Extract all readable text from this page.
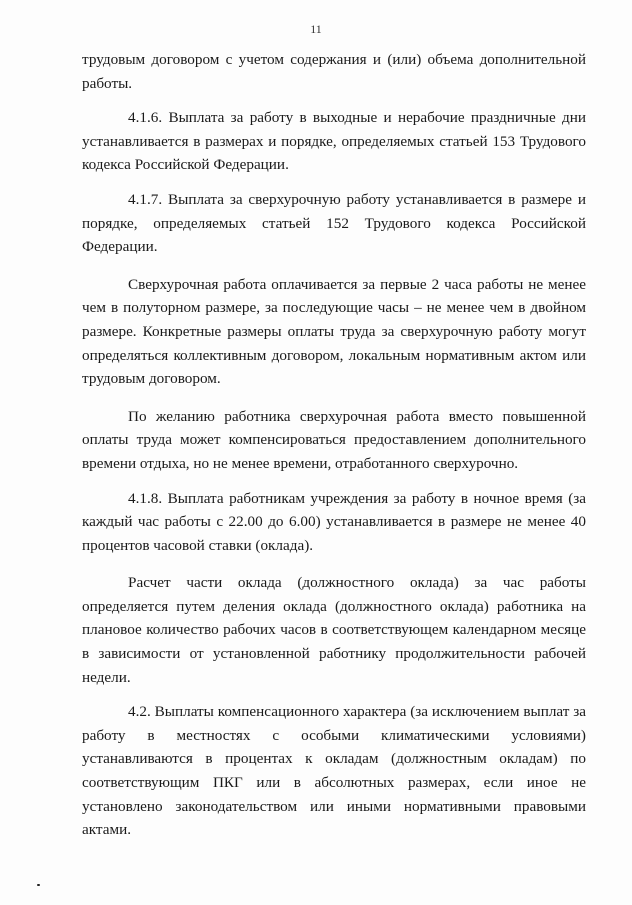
11

трудовым договором с учетом содержания и (или) объема дополнительной работы.

4.1.6. Выплата за работу в выходные и нерабочие праздничные дни устанавливается в размерах и порядке, определяемых статьей 153 Трудового кодекса Российской Федерации.

4.1.7. Выплата за сверхурочную работу устанавливается в размере и порядке, определяемых статьей 152 Трудового кодекса Российской Федерации.

Сверхурочная работа оплачивается за первые 2 часа работы не менее чем в полуторном размере, за последующие часы – не менее чем в двойном размере. Конкретные размеры оплаты труда за сверхурочную работу могут определяться коллективным договором, локальным нормативным актом или трудовым договором.

По желанию работника сверхурочная работа вместо повышенной оплаты труда может компенсироваться предоставлением дополнительного времени отдыха, но не менее времени, отработанного сверхурочно.

4.1.8. Выплата работникам учреждения за работу в ночное время (за каждый час работы с 22.00 до 6.00) устанавливается в размере не менее 40 процентов часовой ставки (оклада).

Расчет части оклада (должностного оклада) за час работы определяется путем деления оклада (должностного оклада) работника на плановое количество рабочих часов в соответствующем календарном месяце в зависимости от установленной работнику продолжительности рабочей недели.

4.2. Выплаты компенсационного характера (за исключением выплат за работу в местностях с особыми климатическими условиями) устанавливаются в процентах к окладам (должностным окладам) по соответствующим ПКГ или в абсолютных размерах, если иное не установлено законодательством или иными нормативными правовыми актами.
